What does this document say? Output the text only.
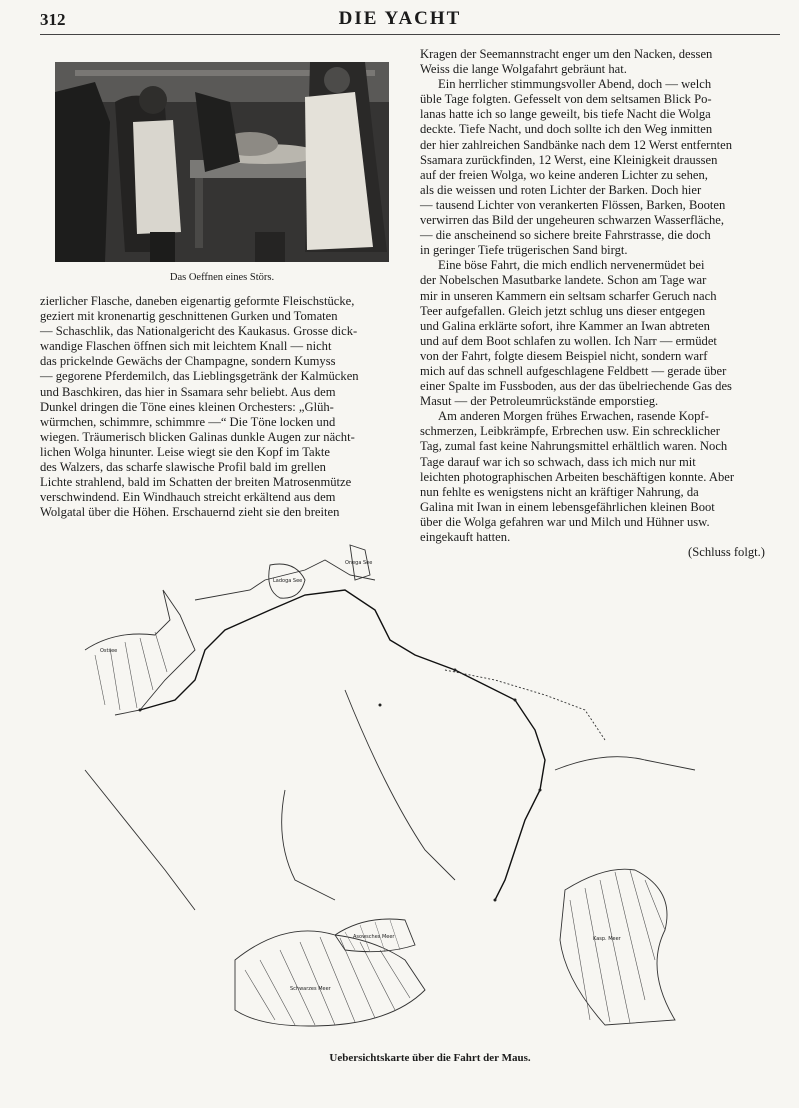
312	DIE YACHT
Das Oeffnen eines Störs.

zierlicher Flasche, daneben eigenartig geformte Fleischstücke,

geziert mit kronenartig geschnittenen Gurken und Tomaten

— Schaschlik, das Nationalgericht des Kaukasus. Grosse dick-

wandige Flaschen öffnen sich mit leichtem Knall — nicht

das prickelnde Gewächs der Champagne, sondern Kumyss

— gegorene Pferdemilch, das Lieblingsgetränk der Kalmücken

und Baschkiren, das hier in Ssamara sehr beliebt. Aus dem

Dunkel dringen die Töne eines kleinen Orchesters: „Glüh-

würmchen, schimmre, schimmre —“ Die Töne locken und

wiegen. Träumerisch blicken Galinas dunkle Augen zur nächt-

lichen Wolga hinunter. Leise wiegt sie den Kopf im Takte

des Walzers, das scharfe slawische Profil bald im grellen

Lichte strahlend, bald im Schatten der breiten Matrosenmütze

verschwindend. Ein Windhauch streicht erkältend aus dem

Wolgatal über die Höhen. Erschauernd zieht sie den breiten

Kragen der Seemannstracht enger um den Nacken, dessen

Weiss die lange Wolgafahrt gebräunt hat.

Ein herrlicher stimmungsvoller Abend, doch — welch

üble Tage folgten. Gefesselt von dem seltsamen Blick Po-

lanas hatte ich so lange geweilt, bis tiefe Nacht die Wolga

deckte. Tiefe Nacht, und doch sollte ich den Weg inmitten

der hier zahlreichen Sandbänke nach dem 12 Werst entfernten

Ssamara zurückfinden, 12 Werst, eine Kleinigkeit draussen

auf der freien Wolga, wo keine anderen Lichter zu sehen,

als die weissen und roten Lichter der Barken. Doch hier

— tausend Lichter von verankerten Flössen, Barken, Booten

verwirren das Bild der ungeheuren schwarzen Wasserfläche,

— die anscheinend so sichere breite Fahrstrasse, die doch

in geringer Tiefe trügerischen Sand birgt.

Eine böse Fahrt, die mich endlich nervenermüdet bei

der Nobelschen Masutbarke landete. Schon am Tage war

mir in unseren Kammern ein seltsam scharfer Geruch nach

Teer aufgefallen. Gleich jetzt schlug uns dieser entgegen

und Galina erklärte sofort, ihre Kammer an Iwan abtreten

und auf dem Boot schlafen zu wollen. Ich Narr — ermüdet

von der Fahrt, folgte diesem Beispiel nicht, sondern warf

mich auf das schnell aufgeschlagene Feldbett — gerade über

einer Spalte im Fussboden, aus der das übelriechende Gas des

Masut — der Petroleumrückstände emporstieg.

Am anderen Morgen frühes Erwachen, rasende Kopf-

schmerzen, Leibkrämpfe, Erbrechen usw. Ein schrecklicher

Tag, zumal fast keine Nahrungsmittel erhältlich waren. Noch

Tage darauf war ich so schwach, dass ich mich nur mit

leichten photographischen Arbeiten beschäftigen konnte. Aber

nun fehlte es wenigstens nicht an kräftiger Nahrung, da

Galina mit Iwan in einem lebensgefährlichen kleinen Boot

über die Wolga gefahren war und Milch und Hühner usw.

eingekauft hatten.

(Schluss folgt.)

Ostsee
Ladoga See
Onega See
Kasp. Meer
Asowsches Meer
Schwarzes Meer
Uebersichtskarte über die Fahrt der Maus.
